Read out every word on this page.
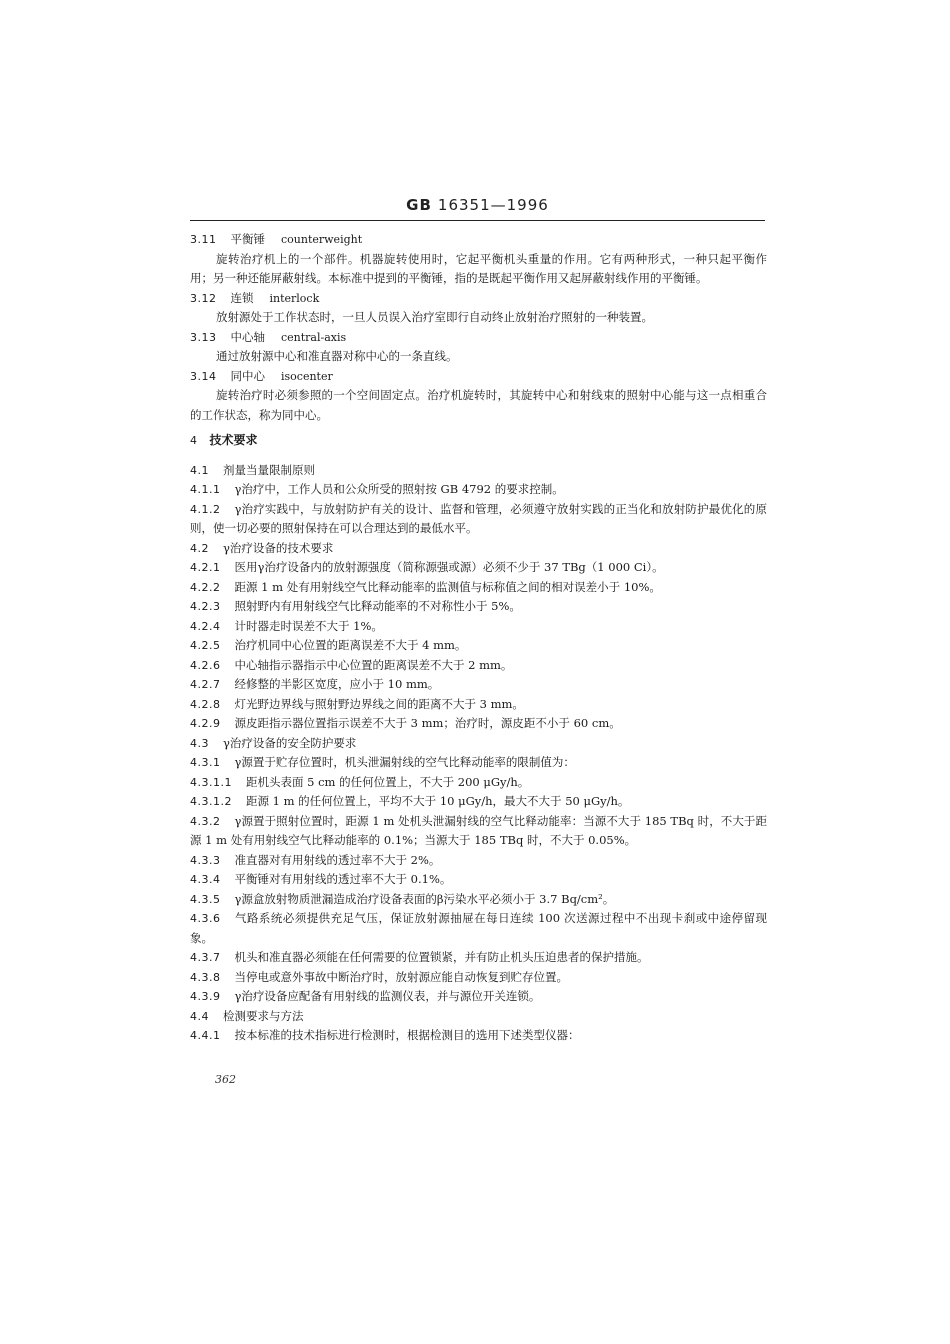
GB 16351—1996
3.11 平衡锤 counterweight
旋转治疗机上的一个部件。机器旋转使用时，它起平衡机头重量的作用。它有两种形式，一种只起平衡作用；另一种还能屏蔽射线。本标准中提到的平衡锤，指的是既起平衡作用又起屏蔽射线作用的平衡锤。
3.12 连锁 interlock
放射源处于工作状态时，一旦人员误入治疗室即行自动终止放射治疗照射的一种装置。
3.13 中心轴 central-axis
通过放射源中心和准直器对称中心的一条直线。
3.14 同中心 isocenter
旋转治疗时必须参照的一个空间固定点。治疗机旋转时，其旋转中心和射线束的照射中心能与这一点相重合的工作状态，称为同中心。
4 技术要求
4.1 剂量当量限制原则
4.1.1 γ治疗中，工作人员和公众所受的照射按 GB 4792 的要求控制。
4.1.2 γ治疗实践中，与放射防护有关的设计、监督和管理，必须遵守放射实践的正当化和放射防护最优化的原则，使一切必要的照射保持在可以合理达到的最低水平。
4.2 γ治疗设备的技术要求
4.2.1 医用γ治疗设备内的放射源强度（简称源强或源）必须不少于 37 TBg（1 000 Ci）。
4.2.2 距源 1 m 处有用射线空气比释动能率的监测值与标称值之间的相对误差小于 10%。
4.2.3 照射野内有用射线空气比释动能率的不对称性小于 5%。
4.2.4 计时器走时误差不大于 1%。
4.2.5 治疗机同中心位置的距离误差不大于 4 mm。
4.2.6 中心轴指示器指示中心位置的距离误差不大于 2 mm。
4.2.7 经修整的半影区宽度，应小于 10 mm。
4.2.8 灯光野边界线与照射野边界线之间的距离不大于 3 mm。
4.2.9 源皮距指示器位置指示误差不大于 3 mm；治疗时，源皮距不小于 60 cm。
4.3 γ治疗设备的安全防护要求
4.3.1 γ源置于贮存位置时，机头泄漏射线的空气比释动能率的限制值为：
4.3.1.1 距机头表面 5 cm 的任何位置上，不大于 200 μGy/h。
4.3.1.2 距源 1 m 的任何位置上，平均不大于 10 μGy/h，最大不大于 50 μGy/h。
4.3.2 γ源置于照射位置时，距源 1 m 处机头泄漏射线的空气比释动能率：当源不大于 185 TBq 时，不大于距源 1 m 处有用射线空气比释动能率的 0.1%；当源大于 185 TBq 时，不大于 0.05%。
4.3.3 准直器对有用射线的透过率不大于 2%。
4.3.4 平衡锤对有用射线的透过率不大于 0.1%。
4.3.5 γ源盒放射物质泄漏造成治疗设备表面的β污染水平必须小于 3.7 Bq/cm²。
4.3.6 气路系统必须提供充足气压，保证放射源抽屉在每日连续 100 次送源过程中不出现卡刹或中途停留现象。
4.3.7 机头和准直器必须能在任何需要的位置锁紧，并有防止机头压迫患者的保护措施。
4.3.8 当停电或意外事故中断治疗时，放射源应能自动恢复到贮存位置。
4.3.9 γ治疗设备应配备有用射线的监测仪表，并与源位开关连锁。
4.4 检测要求与方法
4.4.1 按本标准的技术指标进行检测时，根据检测目的选用下述类型仪器：
362
